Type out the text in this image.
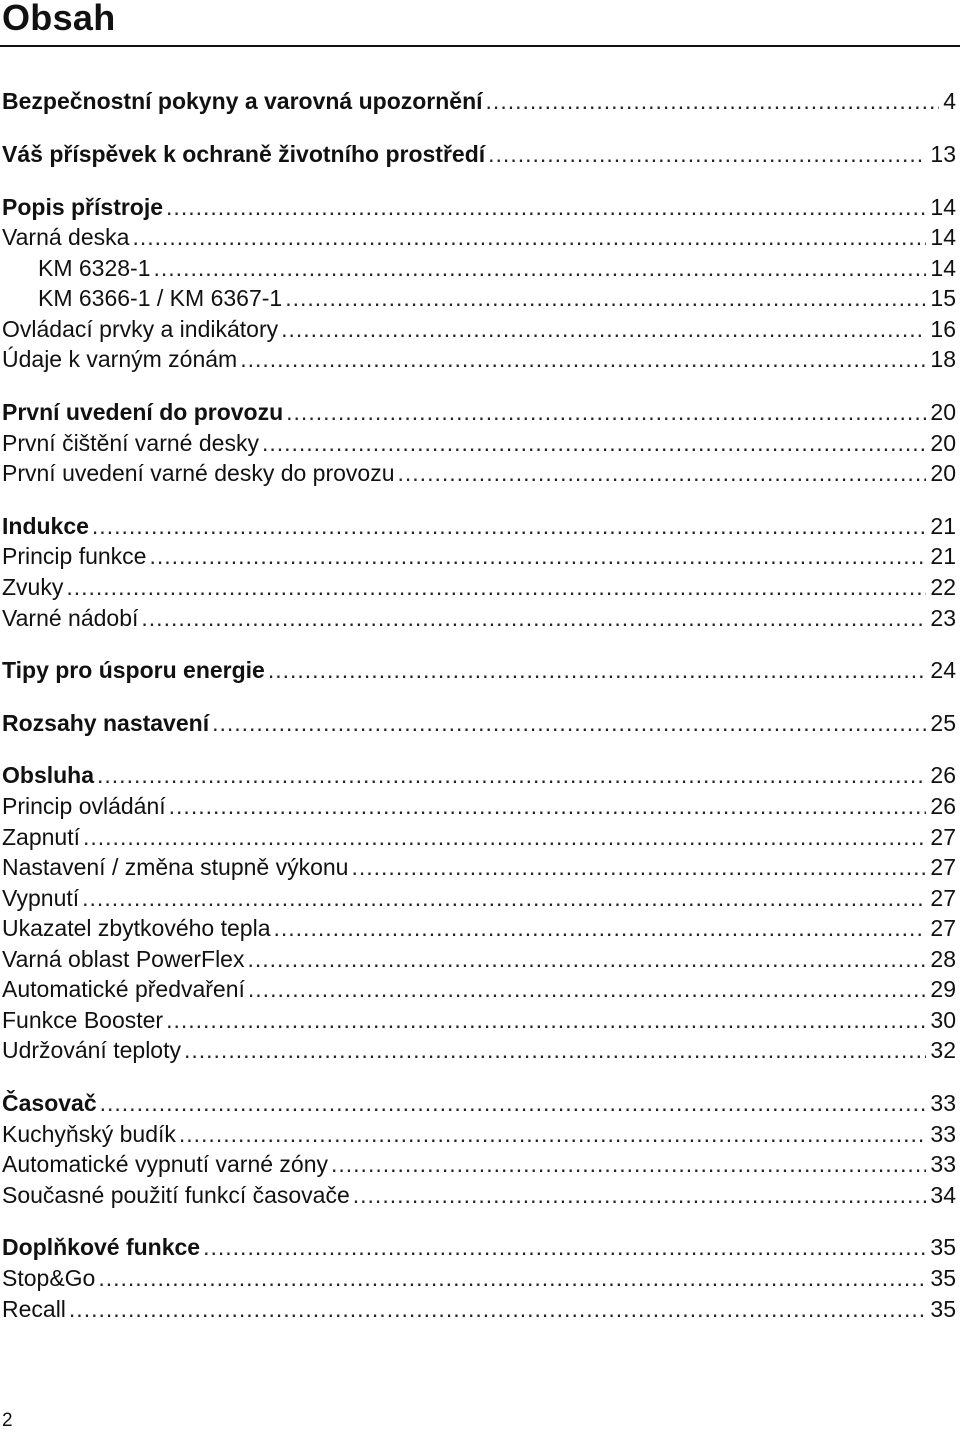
Obsah
Bezpečnostní pokyny a varovná upozornění .....	4
Váš příspěvek k ochraně životního prostředí .....	13
Popis přístroje .....	14
Varná deska .....	14
KM 6328-1 .....	14
KM 6366-1 / KM 6367-1 .....	15
Ovládací prvky a indikátory .....	16
Údaje k varným zónám .....	18
První uvedení do provozu .....	20
První čištění varné desky .....	20
První uvedení varné desky do provozu .....	20
Indukce .....	21
Princip funkce .....	21
Zvuky .....	22
Varné nádobí .....	23
Tipy pro úsporu energie .....	24
Rozsahy nastavení .....	25
Obsluha .....	26
Princip ovládání .....	26
Zapnutí .....	27
Nastavení / změna stupně výkonu .....	27
Vypnutí .....	27
Ukazatel zbytkového tepla .....	27
Varná oblast PowerFlex .....	28
Automatické předvaření .....	29
Funkce Booster .....	30
Udržování teploty .....	32
Časovač .....	33
Kuchyňský budík .....	33
Automatické vypnutí varné zóny .....	33
Současné použití funkcí časovače .....	34
Doplňkové funkce .....	35
Stop&Go .....	35
Recall .....	35
2
